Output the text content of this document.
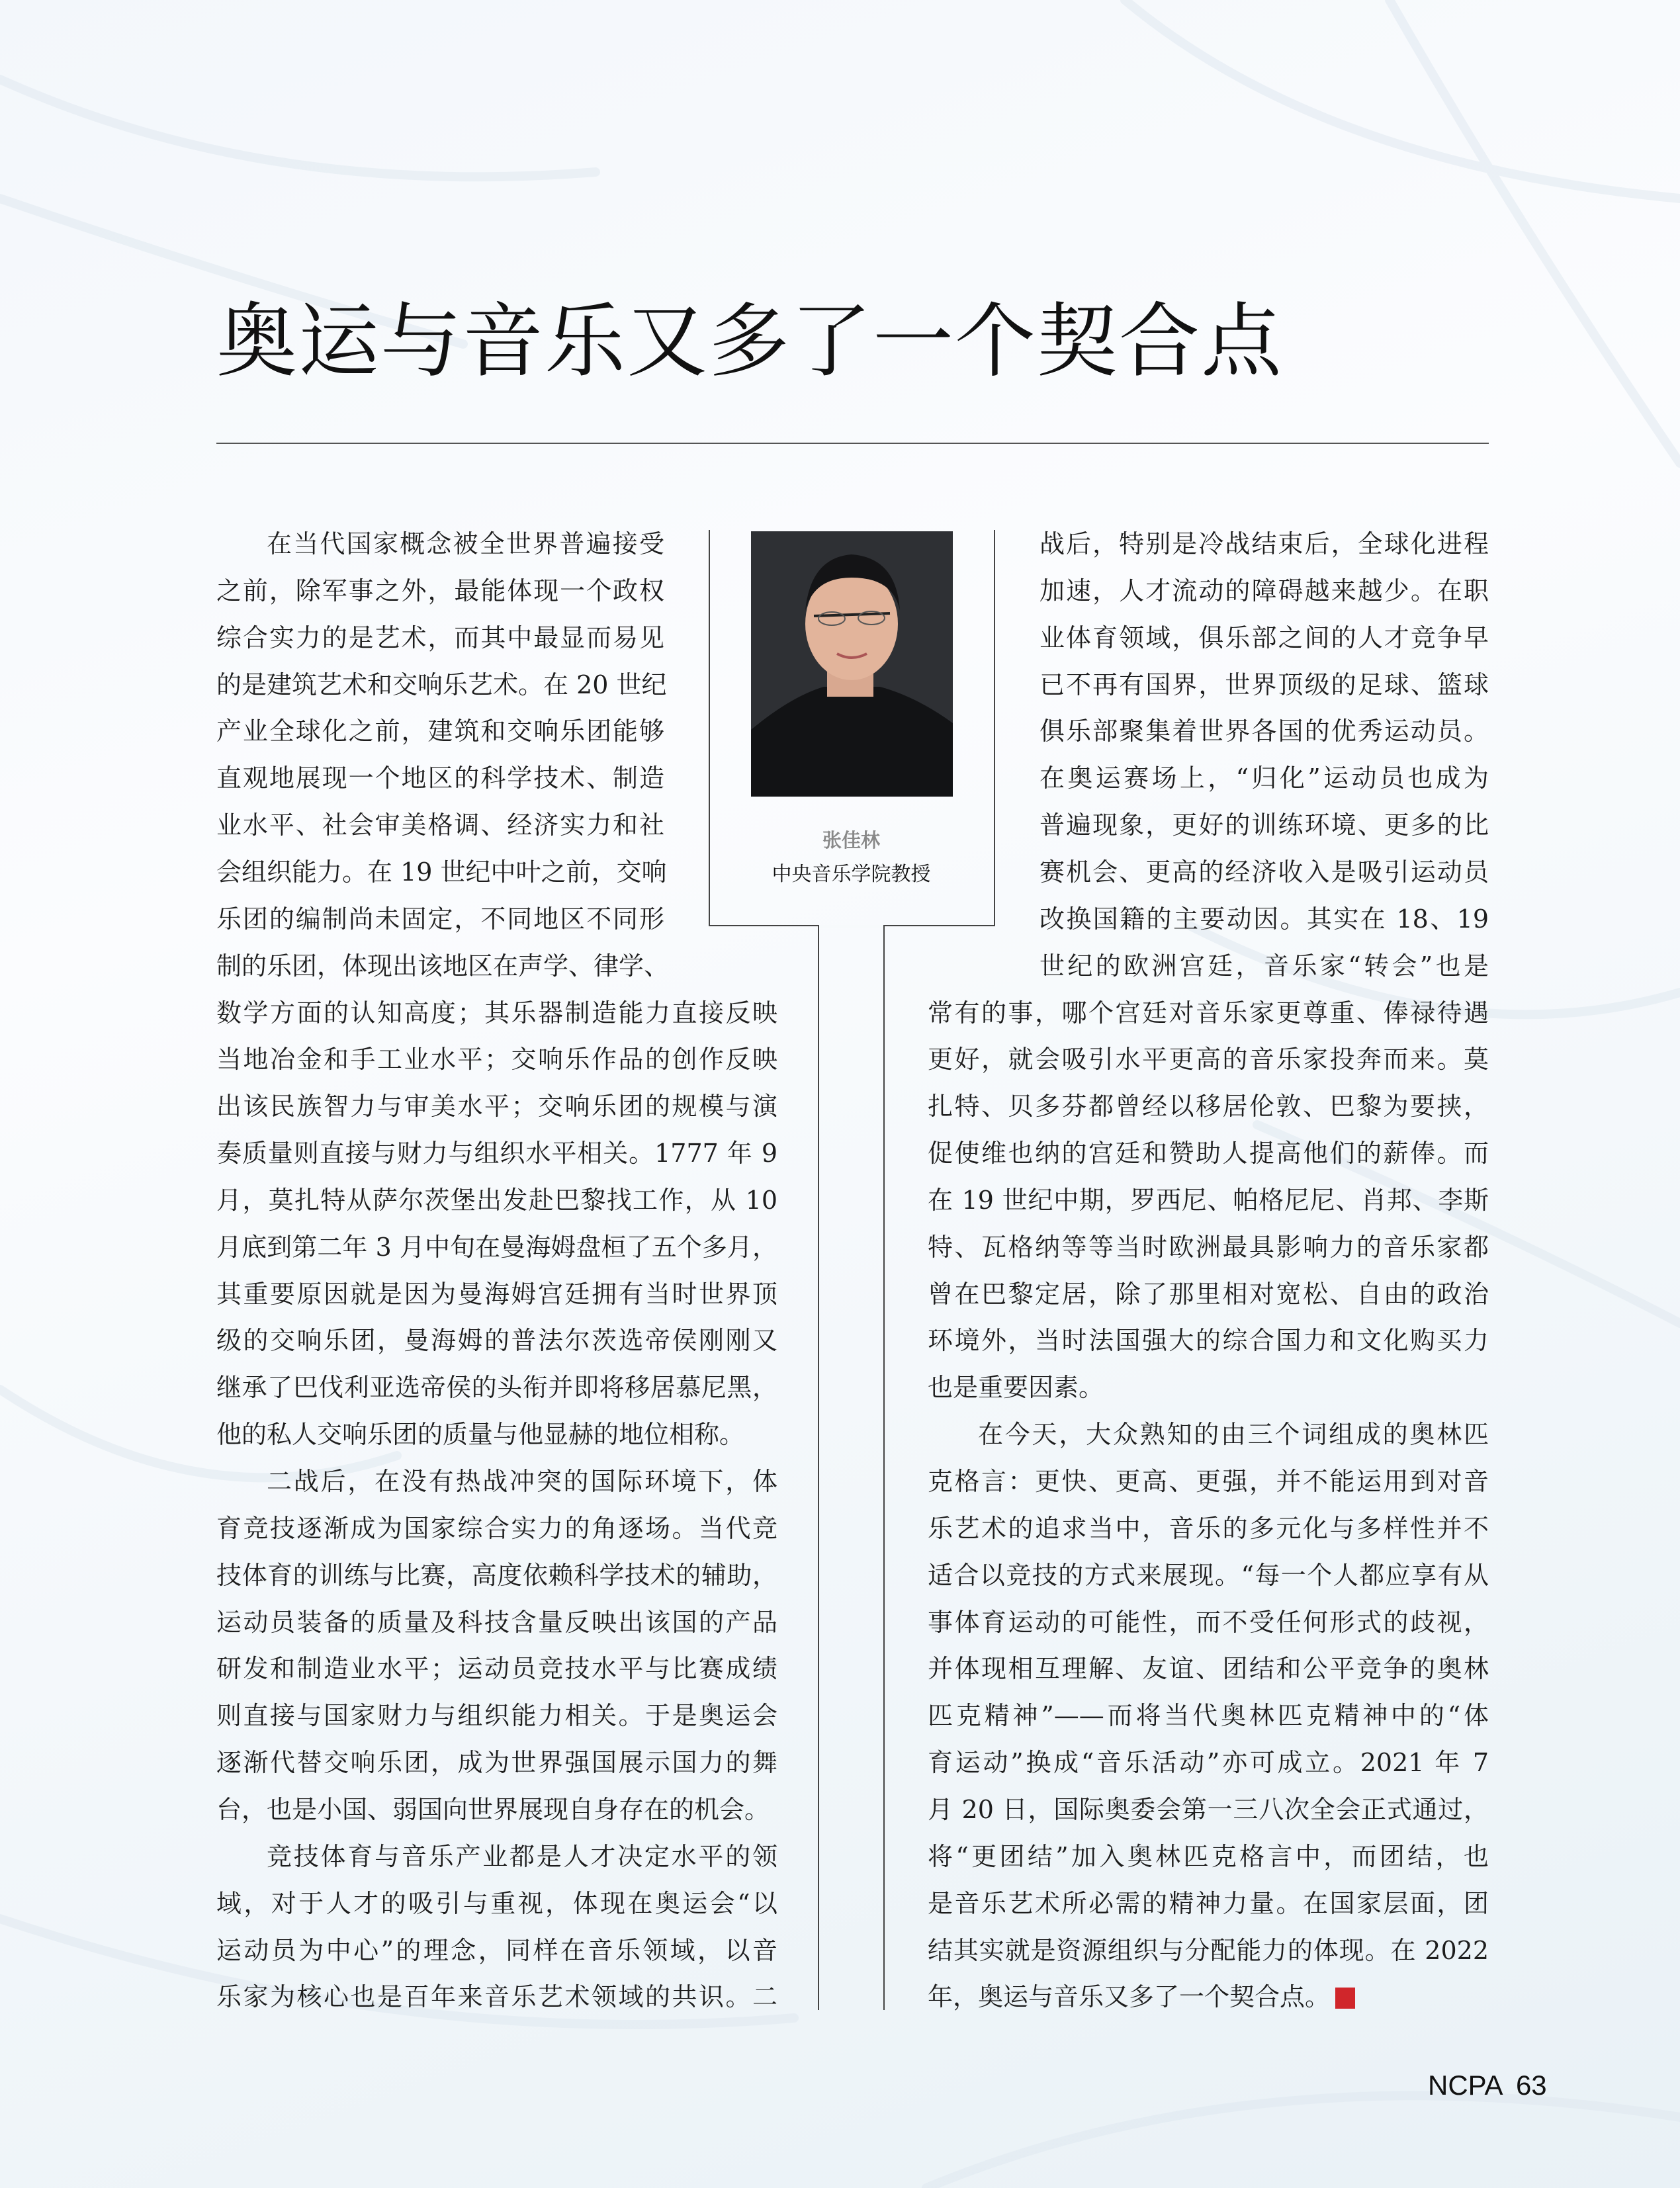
奥运与音乐又多了一个契合点
张佳林
中央音乐学院教授
在当代国家概念被全世界普遍接受
之前，除军事之外，最能体现一个政权
综合实力的是艺术，而其中最显而易见
的是建筑艺术和交响乐艺术。在 20 世纪
产业全球化之前，建筑和交响乐团能够
直观地展现一个地区的科学技术、制造
业水平、社会审美格调、经济实力和社
会组织能力。在 19 世纪中叶之前，交响
乐团的编制尚未固定，不同地区不同形
制的乐团，体现出该地区在声学、律学、
数学方面的认知高度；其乐器制造能力直接反映
当地冶金和手工业水平；交响乐作品的创作反映
出该民族智力与审美水平；交响乐团的规模与演
奏质量则直接与财力与组织水平相关。1777 年 9
月，莫扎特从萨尔茨堡出发赴巴黎找工作，从 10
月底到第二年 3 月中旬在曼海姆盘桓了五个多月，
其重要原因就是因为曼海姆宫廷拥有当时世界顶
级的交响乐团，曼海姆的普法尔茨选帝侯刚刚又
继承了巴伐利亚选帝侯的头衔并即将移居慕尼黑，
他的私人交响乐团的质量与他显赫的地位相称。
二战后，在没有热战冲突的国际环境下，体
育竞技逐渐成为国家综合实力的角逐场。当代竞
技体育的训练与比赛，高度依赖科学技术的辅助，
运动员装备的质量及科技含量反映出该国的产品
研发和制造业水平；运动员竞技水平与比赛成绩
则直接与国家财力与组织能力相关。于是奥运会
逐渐代替交响乐团，成为世界强国展示国力的舞
台，也是小国、弱国向世界展现自身存在的机会。
竞技体育与音乐产业都是人才决定水平的领
域，对于人才的吸引与重视，体现在奥运会“以
运动员为中心”的理念，同样在音乐领域，以音
乐家为核心也是百年来音乐艺术领域的共识。二
战后，特别是冷战结束后，全球化进程
加速，人才流动的障碍越来越少。在职
业体育领域，俱乐部之间的人才竞争早
已不再有国界，世界顶级的足球、篮球
俱乐部聚集着世界各国的优秀运动员。
在奥运赛场上，“归化”运动员也成为
普遍现象，更好的训练环境、更多的比
赛机会、更高的经济收入是吸引运动员
改换国籍的主要动因。其实在 18、19
世纪的欧洲宫廷，音乐家“转会”也是
常有的事，哪个宫廷对音乐家更尊重、俸禄待遇
更好，就会吸引水平更高的音乐家投奔而来。莫
扎特、贝多芬都曾经以移居伦敦、巴黎为要挟，
促使维也纳的宫廷和赞助人提高他们的薪俸。而
在 19 世纪中期，罗西尼、帕格尼尼、肖邦、李斯
特、瓦格纳等等当时欧洲最具影响力的音乐家都
曾在巴黎定居，除了那里相对宽松、自由的政治
环境外，当时法国强大的综合国力和文化购买力
也是重要因素。
在今天，大众熟知的由三个词组成的奥林匹
克格言：更快、更高、更强，并不能运用到对音
乐艺术的追求当中，音乐的多元化与多样性并不
适合以竞技的方式来展现。“每一个人都应享有从
事体育运动的可能性，而不受任何形式的歧视，
并体现相互理解、友谊、团结和公平竞争的奥林
匹克精神”——而将当代奥林匹克精神中的“体
育运动”换成“音乐活动”亦可成立。2021 年 7
月 20 日，国际奥委会第一三八次全会正式通过，
将“更团结”加入奥林匹克格言中，而团结，也
是音乐艺术所必需的精神力量。在国家层面，团
结其实就是资源组织与分配能力的体现。在 2022
年，奥运与音乐又多了一个契合点。
NCPA 63
